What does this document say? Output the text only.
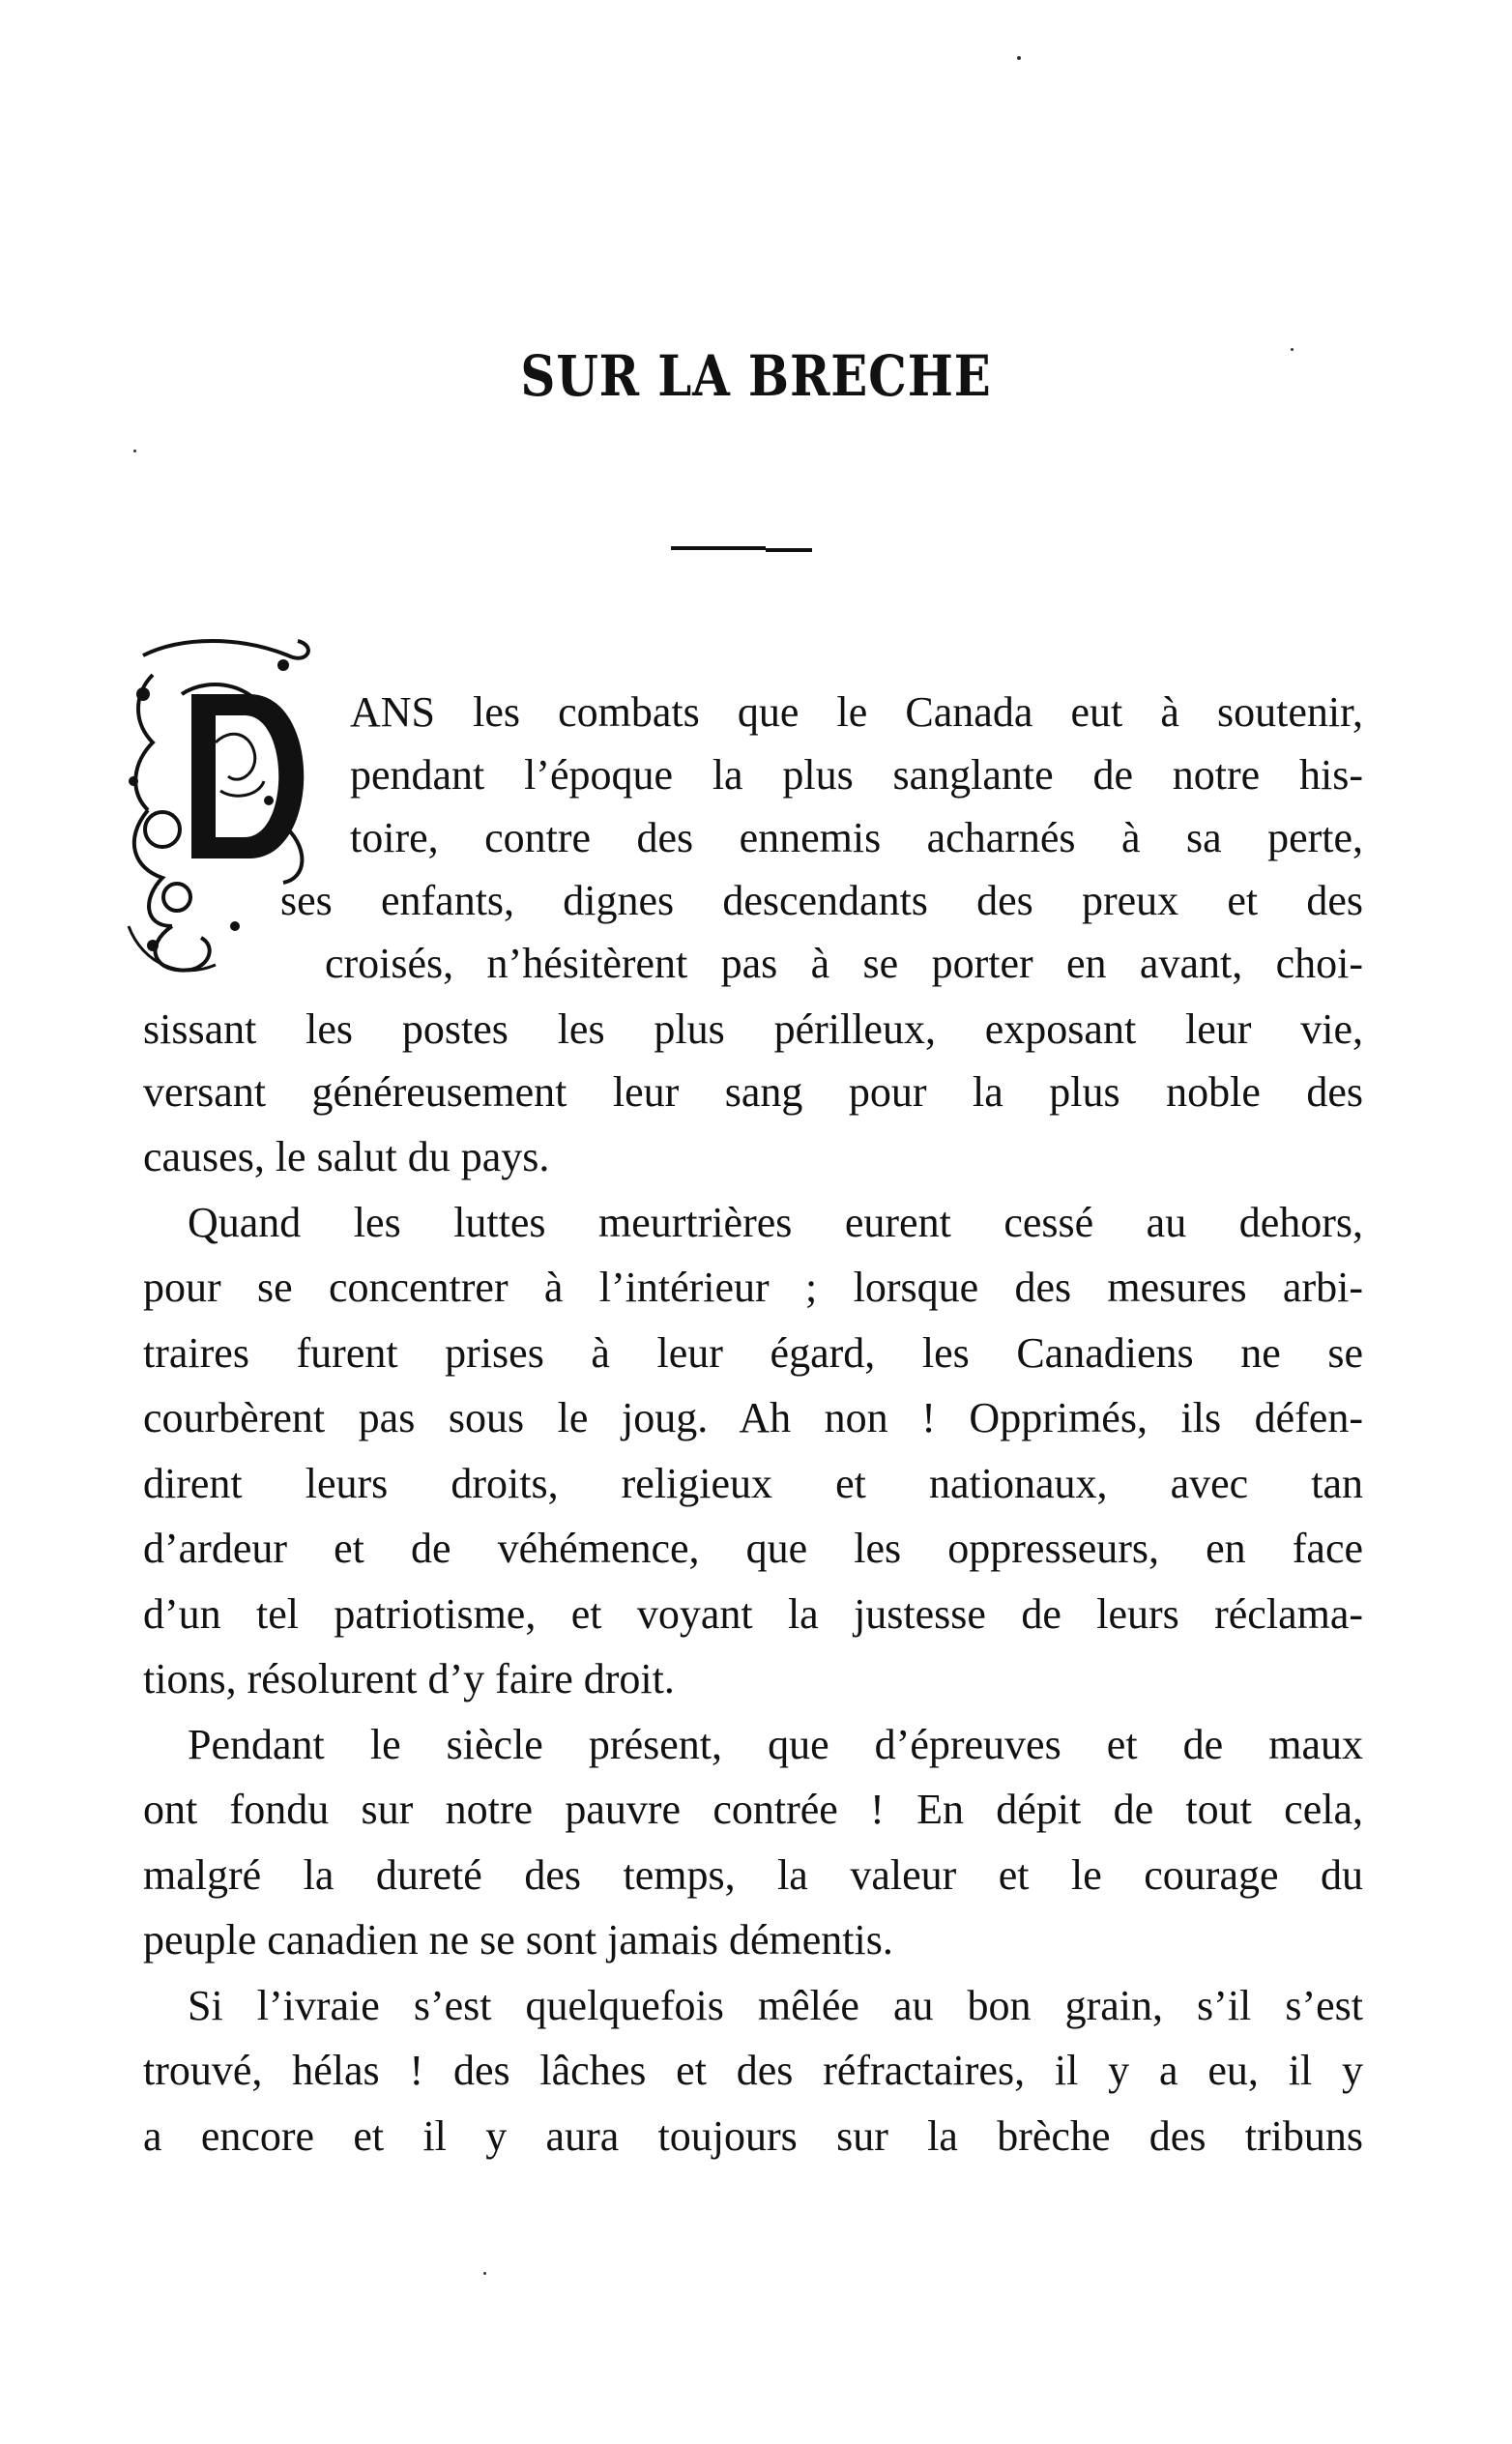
SUR LA BRECHE
ANS les combats que le Canada eut à soutenir,
pendant l’époque la plus sanglante de notre his-
toire, contre des ennemis acharnés à sa perte,
ses enfants, dignes descendants des preux et des
croisés, n’hésitèrent pas à se porter en avant, choi-
sissant les postes les plus périlleux, exposant leur vie,
versant généreusement leur sang pour la plus noble des
causes, le salut du pays.
Quand les luttes meurtrières eurent cessé au dehors,
pour se concentrer à l’intérieur ; lorsque des mesures arbi-
traires furent prises à leur égard, les Canadiens ne se
courbèrent pas sous le joug. Ah non ! Opprimés, ils défen-
dirent leurs droits, religieux et nationaux, avec tan
d’ardeur et de véhémence, que les oppresseurs, en face
d’un tel patriotisme, et voyant la justesse de leurs réclama-
tions, résolurent d’y faire droit.
Pendant le siècle présent, que d’épreuves et de maux
ont fondu sur notre pauvre contrée ! En dépit de tout cela,
malgré la dureté des temps, la valeur et le courage du
peuple canadien ne se sont jamais démentis.
Si l’ivraie s’est quelquefois mêlée au bon grain, s’il s’est
trouvé, hélas ! des lâches et des réfractaires, il y a eu, il y
a encore et il y aura toujours sur la brèche des tribuns
